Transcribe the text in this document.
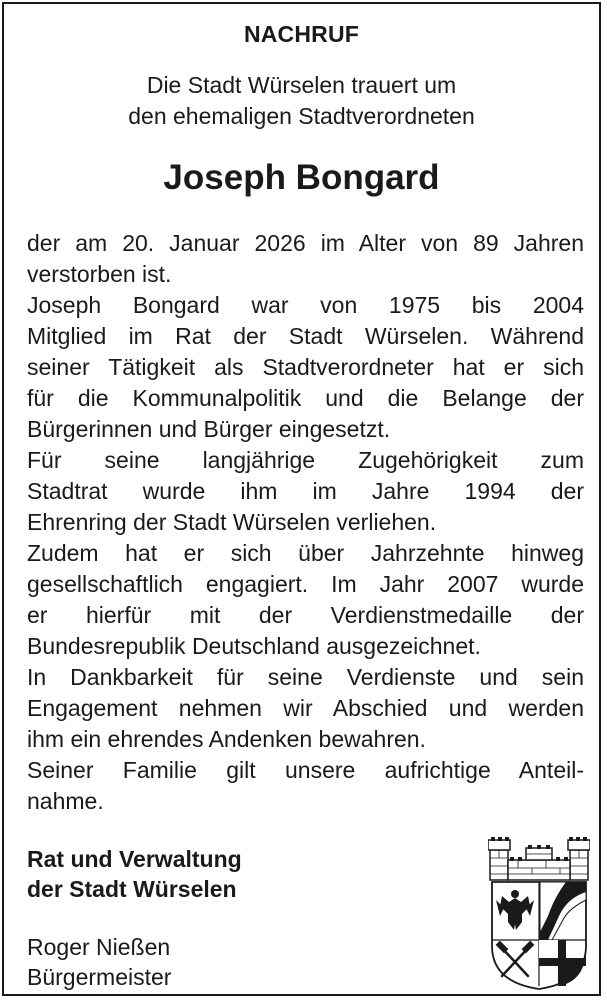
NACHRUF
Die Stadt Würselen trauert um
den ehemaligen Stadtverordneten
Joseph Bongard
der am 20. Januar 2026 im Alter von 89 Jahren
verstorben ist.
Joseph Bongard war von 1975 bis 2004
Mitglied im Rat der Stadt Würselen. Während
seiner Tätigkeit als Stadtverordneter hat er sich
für die Kommunalpolitik und die Belange der
Bürgerinnen und Bürger eingesetzt.
Für seine langjährige Zugehörigkeit zum
Stadtrat wurde ihm im Jahre 1994 der
Ehrenring der Stadt Würselen verliehen.
Zudem hat er sich über Jahrzehnte hinweg
gesellschaftlich engagiert. Im Jahr 2007 wurde
er hierfür mit der Verdienstmedaille der
Bundesrepublik Deutschland ausgezeichnet.
In Dankbarkeit für seine Verdienste und sein
Engagement nehmen wir Abschied und werden
ihm ein ehrendes Andenken bewahren.
Seiner Familie gilt unsere aufrichtige Anteil-
nahme.
Rat und Verwaltung
der Stadt Würselen
Roger Nießen
Bürgermeister
